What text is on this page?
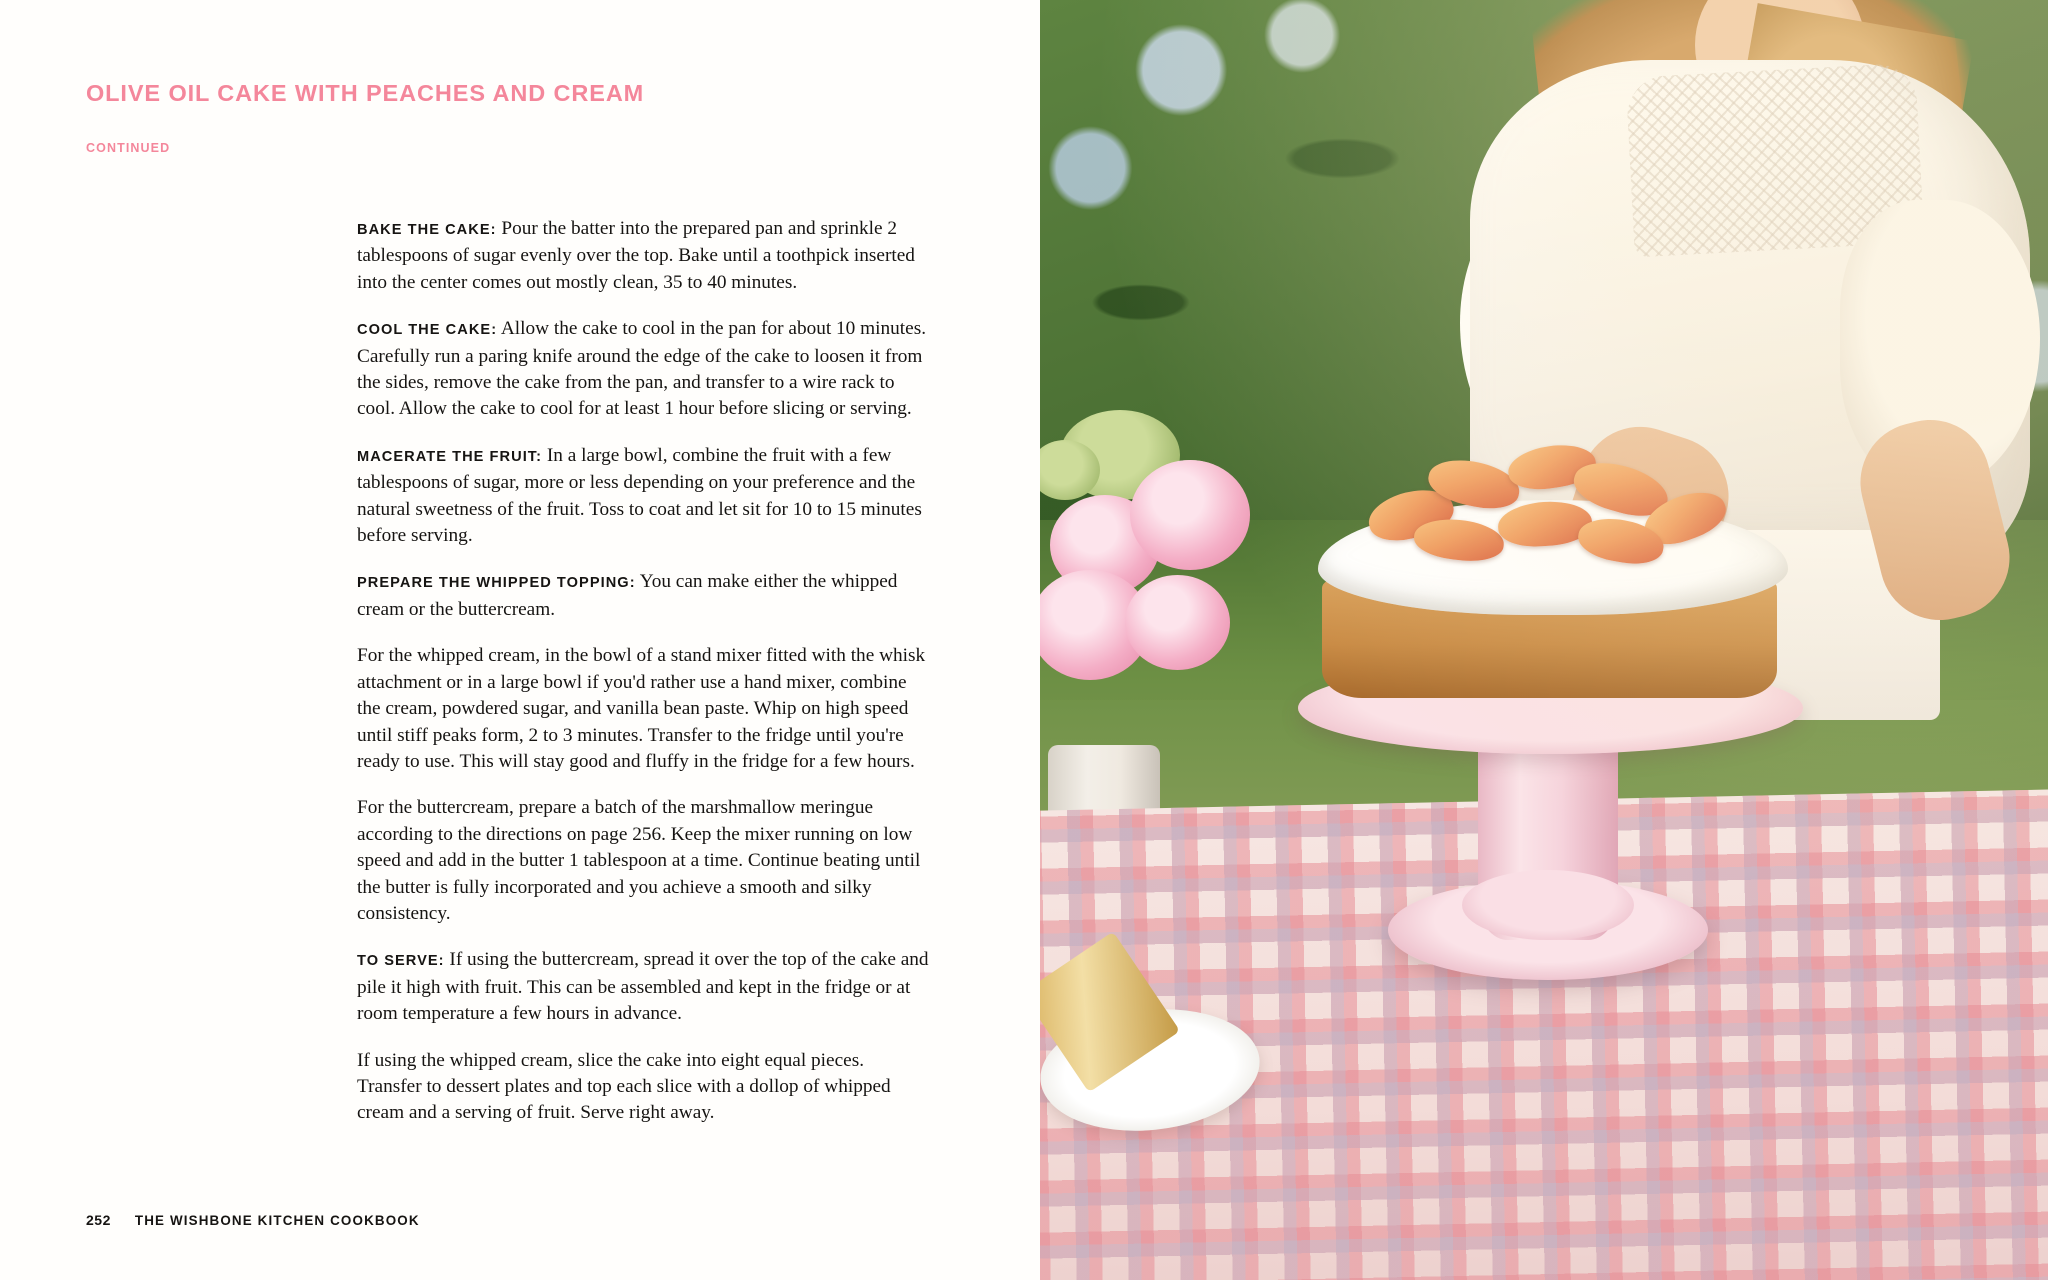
OLIVE OIL CAKE WITH PEACHES AND CREAM
CONTINUED

BAKE THE CAKE: Pour the batter into the prepared pan and sprinkle 2 tablespoons of sugar evenly over the top. Bake until a toothpick inserted into the center comes out mostly clean, 35 to 40 minutes.

COOL THE CAKE: Allow the cake to cool in the pan for about 10 minutes. Carefully run a paring knife around the edge of the cake to loosen it from the sides, remove the cake from the pan, and transfer to a wire rack to cool. Allow the cake to cool for at least 1 hour before slicing or serving.

MACERATE THE FRUIT: In a large bowl, combine the fruit with a few tablespoons of sugar, more or less depending on your preference and the natural sweetness of the fruit. Toss to coat and let sit for 10 to 15 minutes before serving.

PREPARE THE WHIPPED TOPPING: You can make either the whipped cream or the buttercream.

For the whipped cream, in the bowl of a stand mixer fitted with the whisk attachment or in a large bowl if you'd rather use a hand mixer, combine the cream, powdered sugar, and vanilla bean paste. Whip on high speed until stiff peaks form, 2 to 3 minutes. Transfer to the fridge until you're ready to use. This will stay good and fluffy in the fridge for a few hours.

For the buttercream, prepare a batch of the marshmallow meringue according to the directions on page 256. Keep the mixer running on low speed and add in the butter 1 tablespoon at a time. Continue beating until the butter is fully incorporated and you achieve a smooth and silky consistency.

TO SERVE: If using the buttercream, spread it over the top of the cake and pile it high with fruit. This can be assembled and kept in the fridge or at room temperature a few hours in advance.

If using the whipped cream, slice the cake into eight equal pieces. Transfer to dessert plates and top each slice with a dollop of whipped cream and a serving of fruit. Serve right away.

252 THE WISHBONE KITCHEN COOKBOOK
